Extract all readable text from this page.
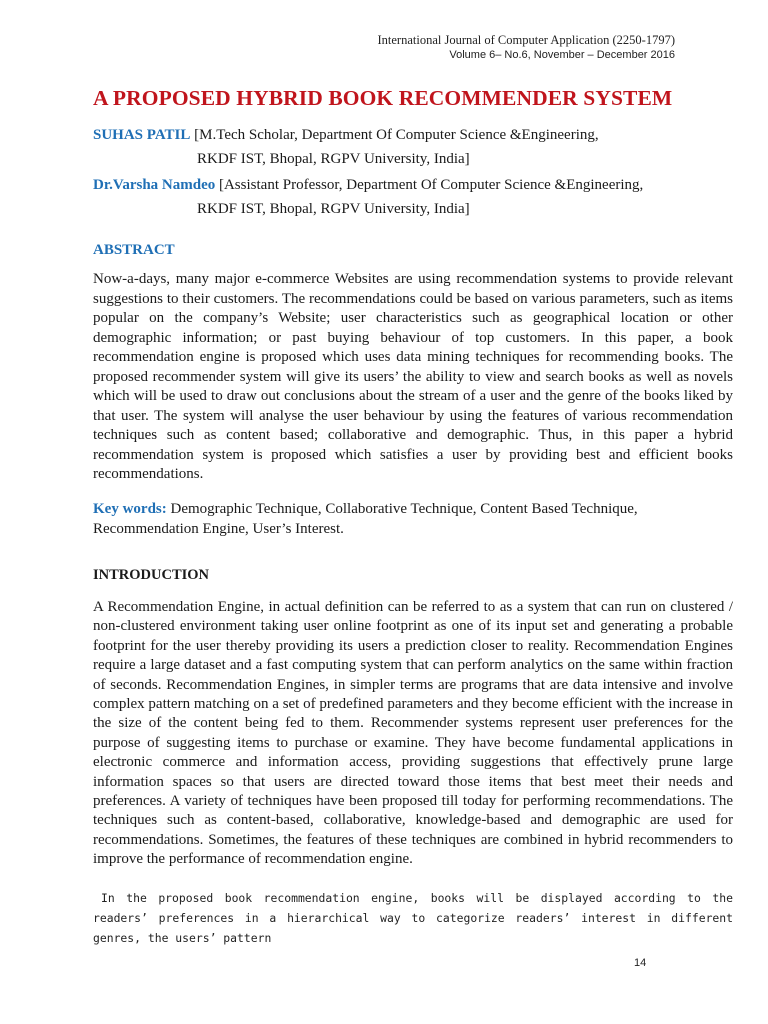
International Journal of Computer Application (2250-1797)
Volume 6– No.6, November – December 2016
A PROPOSED HYBRID BOOK RECOMMENDER SYSTEM
SUHAS PATIL [M.Tech Scholar, Department Of Computer Science &Engineering,
RKDF IST, Bhopal, RGPV University, India]
Dr.Varsha Namdeo [Assistant Professor, Department Of Computer Science &Engineering,
RKDF IST, Bhopal, RGPV University, India]
ABSTRACT

Now-a-days, many major e-commerce Websites are using recommendation systems to provide relevant suggestions to their customers. The recommendations could be based on various parameters, such as items popular on the company’s Website; user characteristics such as geographical location or other demographic information; or past buying behaviour of top customers. In this paper, a book recommendation engine is proposed which uses data mining techniques for recommending books. The proposed recommender system will give its users’ the ability to view and search books as well as novels which will be used to draw out conclusions about the stream of a user and the genre of the books liked by that user. The system will analyse the user behaviour by using the features of various recommendation techniques such as content based; collaborative and demographic. Thus, in this paper a hybrid recommendation system is proposed which satisfies a user by providing best and efficient books recommendations.

Key words: Demographic Technique, Collaborative Technique, Content Based Technique, Recommendation Engine, User’s Interest.

INTRODUCTION

A Recommendation Engine, in actual definition can be referred to as a system that can run on clustered / non-clustered environment taking user online footprint as one of its input set and generating a probable footprint for the user thereby providing its users a prediction closer to reality. Recommendation Engines require a large dataset and a fast computing system that can perform analytics on the same within fraction of seconds. Recommendation Engines, in simpler terms are programs that are data intensive and involve complex pattern matching on a set of predefined parameters and they become efficient with the increase in the size of the content being fed to them. Recommender systems represent user preferences for the purpose of suggesting items to purchase or examine. They have become fundamental applications in electronic commerce and information access, providing suggestions that effectively prune large information spaces so that users are directed toward those items that best meet their needs and preferences. A variety of techniques have been proposed till today for performing recommendations. The techniques such as content-based, collaborative, knowledge-based and demographic are used for recommendations. Sometimes, the features of these techniques are combined in hybrid recommenders to improve the performance of recommendation engine.

In the proposed book recommendation engine, books will be displayed according to the readers’ preferences in a hierarchical way to categorize readers’ interest in different genres, the users’ pattern

14
